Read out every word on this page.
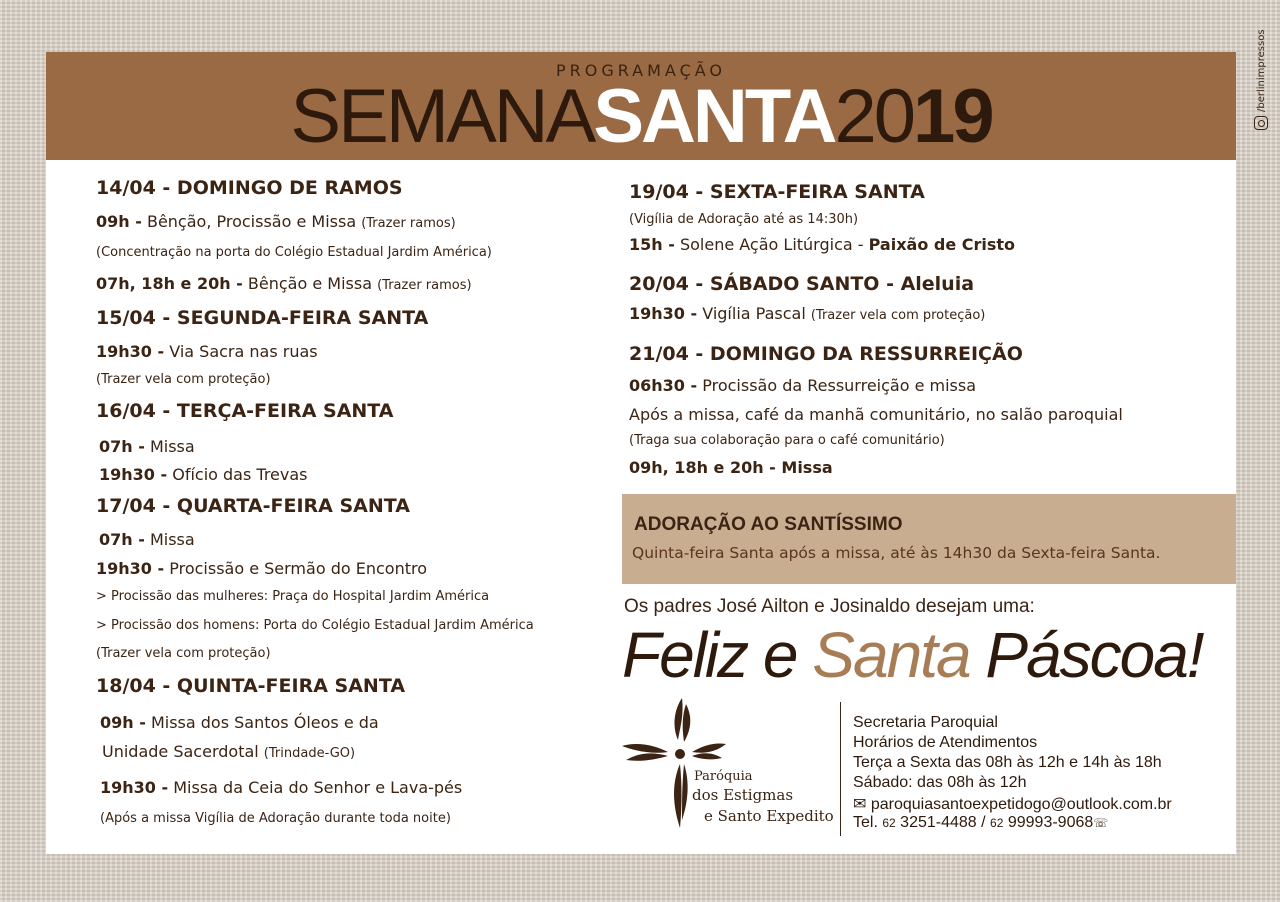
PROGRAMAÇÃO
SEMANASANTA2019
/berlinimpressos
14/04 - DOMINGO DE RAMOS
09h - Bênção, Procissão e Missa (Trazer ramos)
(Concentração na porta do Colégio Estadual Jardim América)
07h, 18h e 20h - Bênção e Missa (Trazer ramos)
15/04 - SEGUNDA-FEIRA SANTA
19h30 - Via Sacra nas ruas
(Trazer vela com proteção)
16/04 - TERÇA-FEIRA SANTA
07h - Missa
19h30 - Ofício das Trevas
17/04 - QUARTA-FEIRA SANTA
07h - Missa
19h30 - Procissão e Sermão do Encontro
> Procissão das mulheres: Praça do Hospital Jardim América
> Procissão dos homens: Porta do Colégio Estadual Jardim América
(Trazer vela com proteção)
18/04 - QUINTA-FEIRA SANTA
09h - Missa dos Santos Óleos e da
Unidade Sacerdotal (Trindade-GO)
19h30 - Missa da Ceia do Senhor e Lava-pés
(Após a missa Vigília de Adoração durante toda noite)
19/04 - SEXTA-FEIRA SANTA
(Vigília de Adoração até as 14:30h)
15h - Solene Ação Litúrgica - Paixão de Cristo
20/04 - SÁBADO SANTO - Aleluia
19h30 - Vigília Pascal (Trazer vela com proteção)
21/04 - DOMINGO DA RESSURREIÇÃO
06h30 - Procissão da Ressurreição e missa
Após a missa, café da manhã comunitário, no salão paroquial
(Traga sua colaboração para o café comunitário)
09h, 18h e 20h - Missa
ADORAÇÃO AO SANTÍSSIMO
Quinta-feira Santa após a missa, até às 14h30 da Sexta-feira Santa.
Os padres José Ailton e Josinaldo desejam uma:
Feliz e Santa Páscoa!
Paróquia
dos Estigmas
e Santo Expedito
Secretaria Paroquial
Horários de Atendimentos
Terça a Sexta das 08h às 12h e 14h às 18h
Sábado: das 08h às 12h
✉ paroquiasantoexpetidogo@outlook.com.br
Tel. 62 3251-4488 / 62 99993-9068☏
